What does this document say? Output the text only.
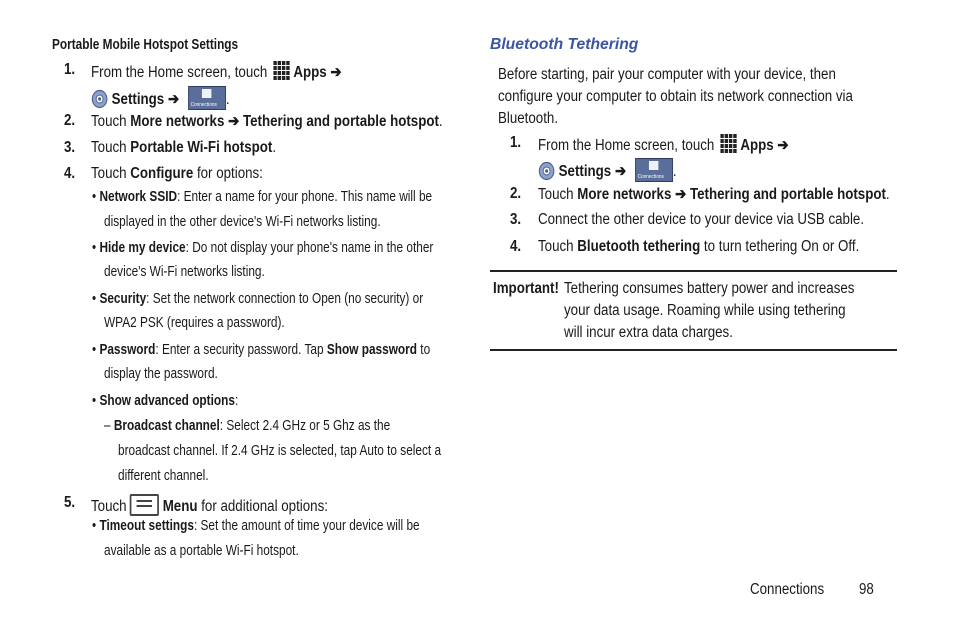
Portable Mobile Hotspot Settings
1. From the Home screen, touch Apps ➔
Settings ➔ Connections .
2. Touch More networks ➔ Tethering and portable hotspot.
3. Touch Portable Wi-Fi hotspot.
4. Touch Configure for options:
• Network SSID: Enter a name for your phone. This name will be
displayed in the other device's Wi-Fi networks listing.
• Hide my device: Do not display your phone's name in the other
device's Wi-Fi networks listing.
• Security: Set the network connection to Open (no security) or
WPA2 PSK (requires a password).
• Password: Enter a security password. Tap Show password to
display the password.
• Show advanced options:
– Broadcast channel: Select 2.4 GHz or 5 Ghz as the
broadcast channel. If 2.4 GHz is selected, tap Auto to select a
different channel.
5. Touch Menu for additional options:
• Timeout settings: Set the amount of time your device will be
available as a portable Wi-Fi hotspot.
Bluetooth Tethering
Before starting, pair your computer with your device, then
configure your computer to obtain its network connection via
Bluetooth.
1. From the Home screen, touch Apps ➔
Settings ➔ Connections .
2. Touch More networks ➔ Tethering and portable hotspot.
3. Connect the other device to your device via USB cable.
4. Touch Bluetooth tethering to turn tethering On or Off.
Important! Tethering consumes battery power and increases
your data usage. Roaming while using tethering
will incur extra data charges.
Connections 98
